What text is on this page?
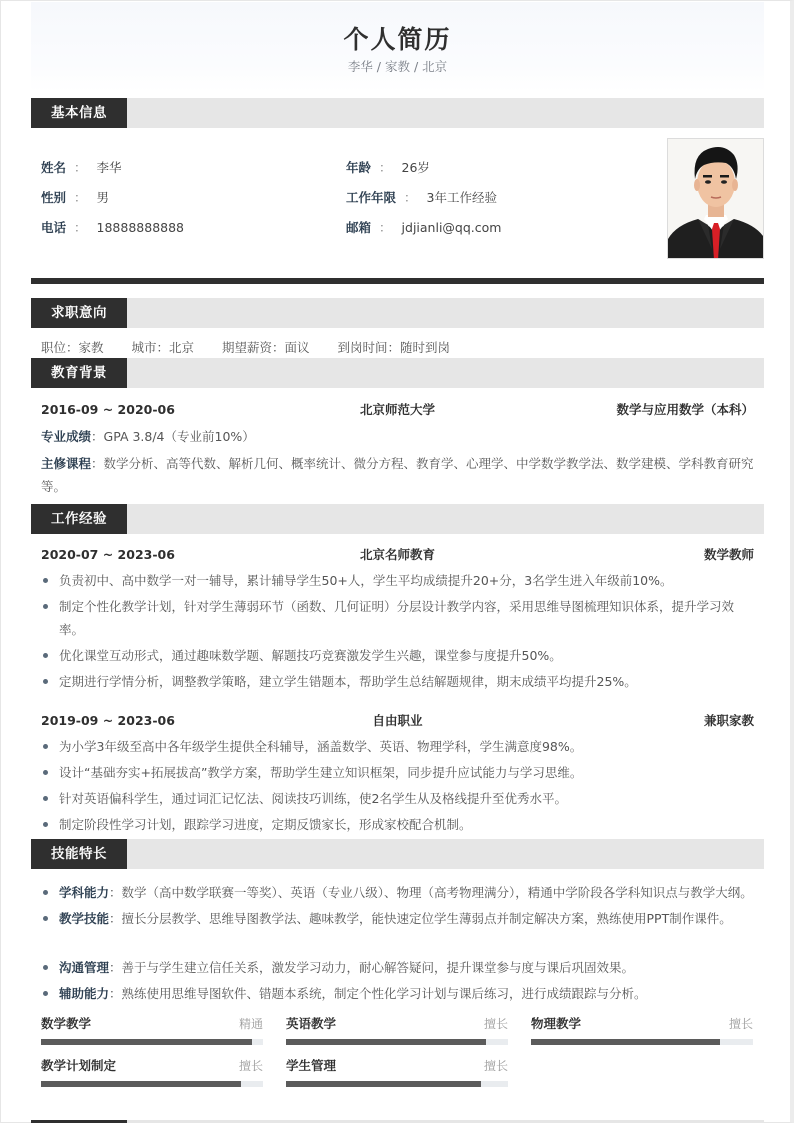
个人简历
李华 / 家教 / 北京
基本信息
姓名 ： 李华
性别 ： 男
电话 ： 18888888888
年龄 ： 26岁
工作年限 ： 3年工作经验
邮箱 ： jdjianli@qq.com
求职意向
职位：家教 城市：北京 期望薪资：面议 到岗时间：随时到岗
教育背景
2016-09 ~ 2020-06	北京师范大学	数学与应用数学（本科）
专业成绩：GPA 3.8/4（专业前10%）
主修课程：数学分析、高等代数、解析几何、概率统计、微分方程、教育学、心理学、中学数学教学法、数学建模、学科教育研究等。
工作经验
2020-07 ~ 2023-06	北京名师教育	数学教师
负责初中、高中数学一对一辅导，累计辅导学生50+人，学生平均成绩提升20+分，3名学生进入年级前10%。
制定个性化教学计划，针对学生薄弱环节（函数、几何证明）分层设计教学内容，采用思维导图梳理知识体系，提升学习效率。
优化课堂互动形式，通过趣味数学题、解题技巧竞赛激发学生兴趣，课堂参与度提升50%。
定期进行学情分析，调整教学策略，建立学生错题本，帮助学生总结解题规律，期末成绩平均提升25%。
2019-09 ~ 2023-06	自由职业	兼职家教
为小学3年级至高中各年级学生提供全科辅导，涵盖数学、英语、物理学科，学生满意度98%。
设计“基础夯实+拓展拔高”教学方案，帮助学生建立知识框架，同步提升应试能力与学习思维。
针对英语偏科学生，通过词汇记忆法、阅读技巧训练，使2名学生从及格线提升至优秀水平。
制定阶段性学习计划，跟踪学习进度，定期反馈家长，形成家校配合机制。
技能特长
学科能力：数学（高中数学联赛一等奖）、英语（专业八级）、物理（高考物理满分），精通中学阶段各学科知识点与教学大纲。
教学技能：擅长分层教学、思维导图教学法、趣味教学，能快速定位学生薄弱点并制定解决方案，熟练使用PPT制作课件。
沟通管理：善于与学生建立信任关系，激发学习动力，耐心解答疑问，提升课堂参与度与课后巩固效果。
辅助能力：熟练使用思维导图软件、错题本系统，制定个性化学习计划与课后练习，进行成绩跟踪与分析。
数学教学	精通 英语教学	擅长 物理教学	擅长
教学计划制定	擅长 学生管理	擅长
